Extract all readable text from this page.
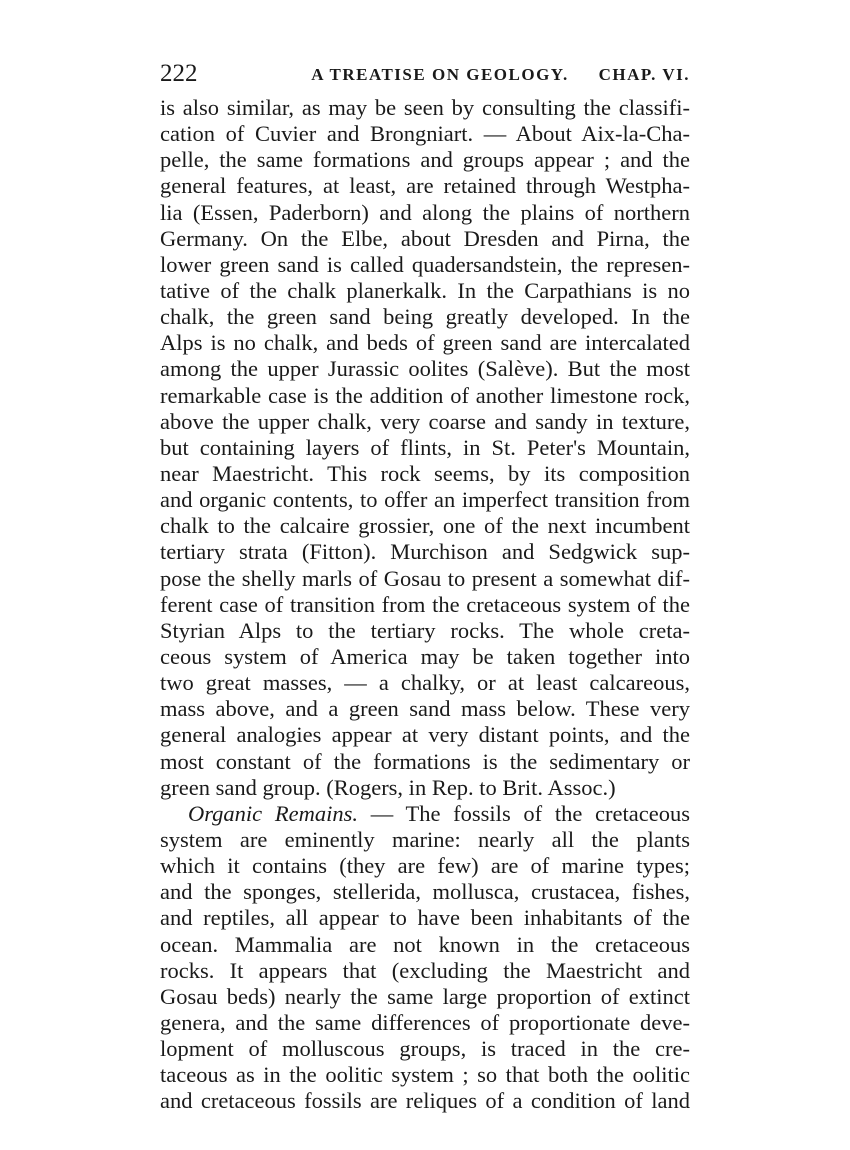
222	A TREATISE ON GEOLOGY.	CHAP. VI.
is also similar, as may be seen by consulting the classifi-
cation of Cuvier and Brongniart. — About Aix-la-Cha-
pelle, the same formations and groups appear ; and the
general features, at least, are retained through Westpha-
lia (Essen, Paderborn) and along the plains of northern
Germany. On the Elbe, about Dresden and Pirna, the
lower green sand is called quadersandstein, the represen-
tative of the chalk planerkalk. In the Carpathians is no
chalk, the green sand being greatly developed. In the
Alps is no chalk, and beds of green sand are intercalated
among the upper Jurassic oolites (Salève). But the most
remarkable case is the addition of another limestone rock,
above the upper chalk, very coarse and sandy in texture,
but containing layers of flints, in St. Peter's Mountain,
near Maestricht. This rock seems, by its composition
and organic contents, to offer an imperfect transition from
chalk to the calcaire grossier, one of the next incumbent
tertiary strata (Fitton). Murchison and Sedgwick sup-
pose the shelly marls of Gosau to present a somewhat dif-
ferent case of transition from the cretaceous system of the
Styrian Alps to the tertiary rocks. The whole creta-
ceous system of America may be taken together into
two great masses, — a chalky, or at least calcareous,
mass above, and a green sand mass below. These very
general analogies appear at very distant points, and the
most constant of the formations is the sedimentary or
green sand group. (Rogers, in Rep. to Brit. Assoc.)
Organic Remains. — The fossils of the cretaceous
system are eminently marine: nearly all the plants
which it contains (they are few) are of marine types;
and the sponges, stellerida, mollusca, crustacea, fishes,
and reptiles, all appear to have been inhabitants of the
ocean. Mammalia are not known in the cretaceous
rocks. It appears that (excluding the Maestricht and
Gosau beds) nearly the same large proportion of extinct
genera, and the same differences of proportionate deve-
lopment of molluscous groups, is traced in the cre-
taceous as in the oolitic system ; so that both the oolitic
and cretaceous fossils are reliques of a condition of land
